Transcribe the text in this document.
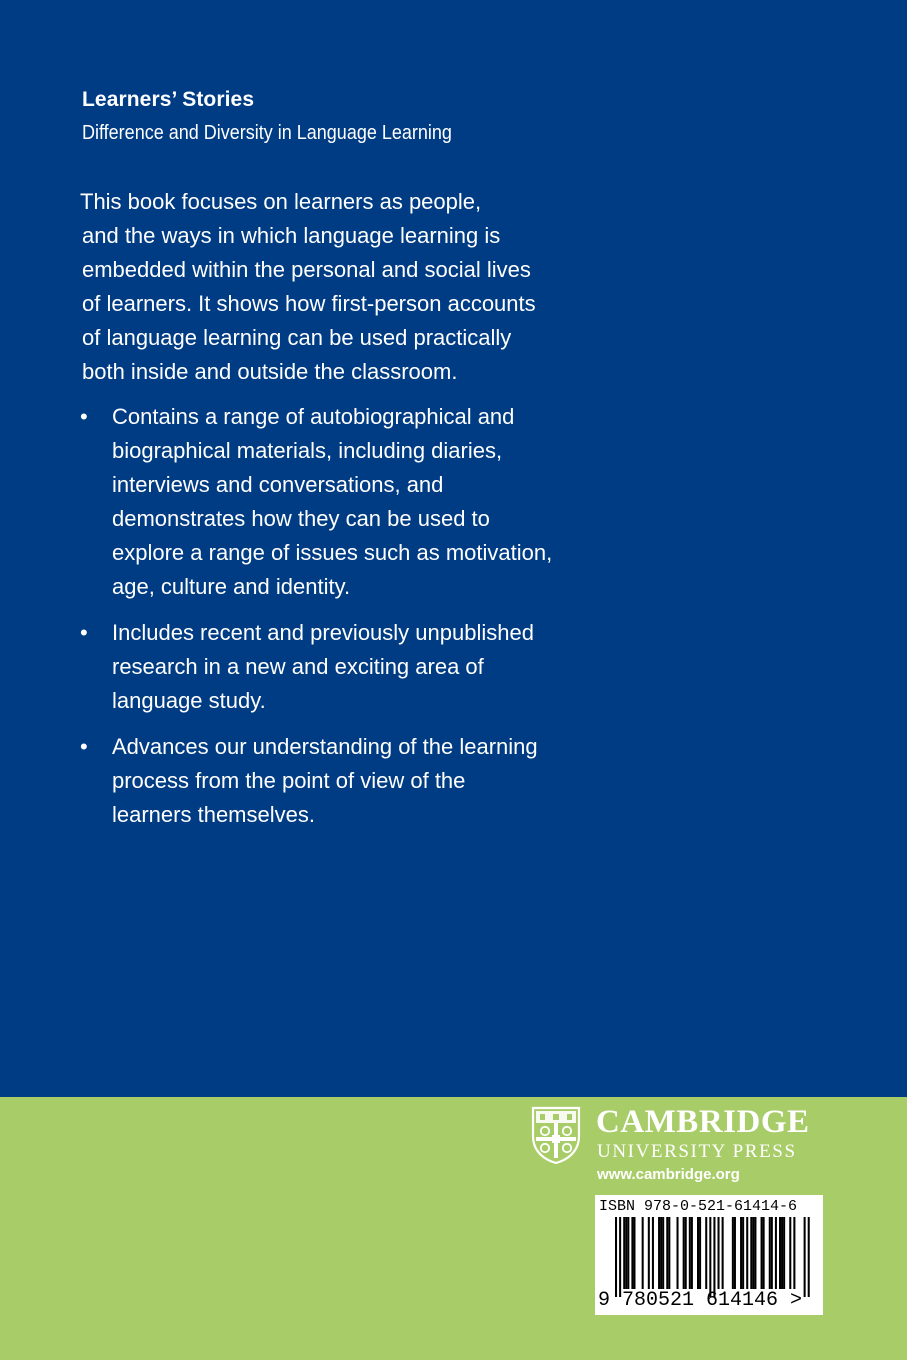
Learners’ Stories
Difference and Diversity in Language Learning
This book focuses on learners as people,
and the ways in which language learning is
embedded within the personal and social lives
of learners. It shows how first-person accounts
of language learning can be used practically
both inside and outside the classroom.
• Contains a range of autobiographical and
biographical materials, including diaries,
interviews and conversations, and
demonstrates how they can be used to
explore a range of issues such as motivation,
age, culture and identity.
• Includes recent and previously unpublished
research in a new and exciting area of
language study.
• Advances our understanding of the learning
process from the point of view of the
learners themselves.
CAMBRIDGE
UNIVERSITY PRESS
www.cambridge.org
ISBN 978-0-521-61414-6
9 780521 614146 >
